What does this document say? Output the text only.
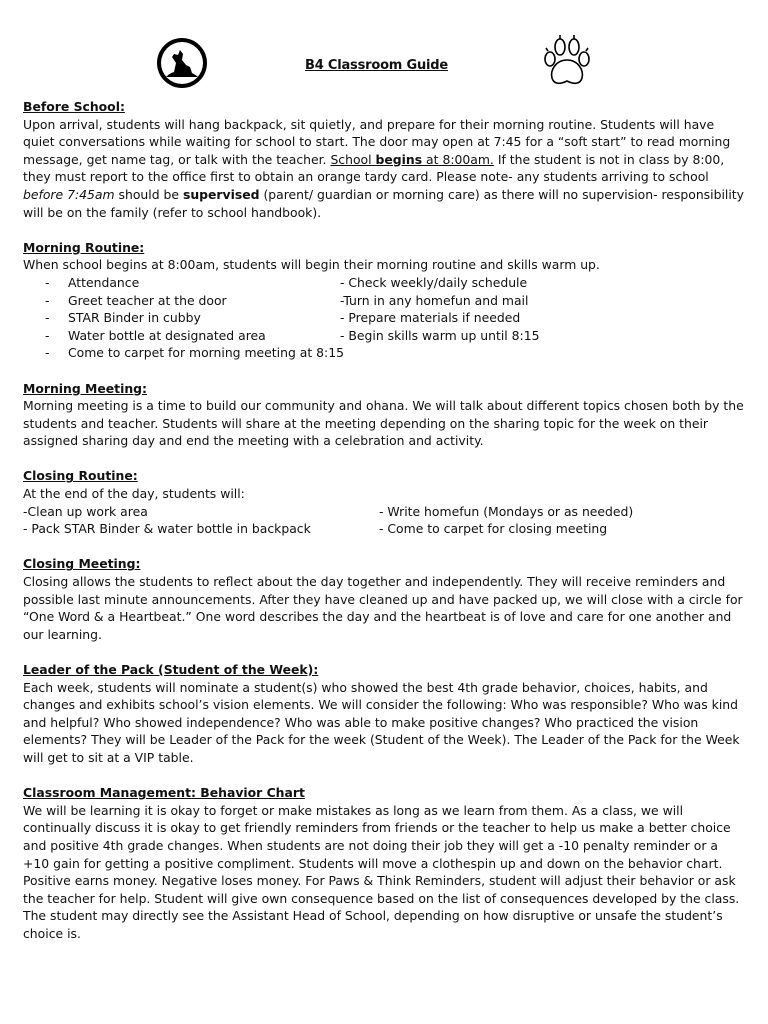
B4 Classroom Guide
Before School:
Upon arrival, students will hang backpack, sit quietly, and prepare for their morning routine. Students will have quiet conversations while waiting for school to start. The door may open at 7:45 for a “soft start” to read morning message, get name tag, or talk with the teacher. School begins at 8:00am. If the student is not in class by 8:00, they must report to the office first to obtain an orange tardy card. Please note- any students arriving to school before 7:45am should be supervised (parent/ guardian or morning care) as there will no supervision- responsibility will be on the family (refer to school handbook).
Morning Routine:
When school begins at 8:00am, students will begin their morning routine and skills warm up.
-	Attendance	- Check weekly/daily schedule
-	Greet teacher at the door	-Turn in any homefun and mail
-	STAR Binder in cubby	- Prepare materials if needed
-	Water bottle at designated area	- Begin skills warm up until 8:15
-	Come to carpet for morning meeting at 8:15
Morning Meeting:
Morning meeting is a time to build our community and ohana. We will talk about different topics chosen both by the students and teacher. Students will share at the meeting depending on the sharing topic for the week on their assigned sharing day and end the meeting with a celebration and activity.
Closing Routine:
At the end of the day, students will:
-Clean up work area	- Write homefun (Mondays or as needed)
- Pack STAR Binder & water bottle in backpack	- Come to carpet for closing meeting
Closing Meeting:
Closing allows the students to reflect about the day together and independently. They will receive reminders and possible last minute announcements. After they have cleaned up and have packed up, we will close with a circle for “One Word & a Heartbeat.” One word describes the day and the heartbeat is of love and care for one another and our learning.
Leader of the Pack (Student of the Week):
Each week, students will nominate a student(s) who showed the best 4th grade behavior, choices, habits, and changes and exhibits school’s vision elements. We will consider the following: Who was responsible? Who was kind and helpful? Who showed independence? Who was able to make positive changes? Who practiced the vision elements? They will be Leader of the Pack for the week (Student of the Week). The Leader of the Pack for the Week will get to sit at a VIP table.
Classroom Management: Behavior Chart
We will be learning it is okay to forget or make mistakes as long as we learn from them. As a class, we will continually discuss it is okay to get friendly reminders from friends or the teacher to help us make a better choice and positive 4th grade changes. When students are not doing their job they will get a -10 penalty reminder or a +10 gain for getting a positive compliment. Students will move a clothespin up and down on the behavior chart. Positive earns money. Negative loses money. For Paws & Think Reminders, student will adjust their behavior or ask the teacher for help. Student will give own consequence based on the list of consequences developed by the class. The student may directly see the Assistant Head of School, depending on how disruptive or unsafe the student’s choice is.
